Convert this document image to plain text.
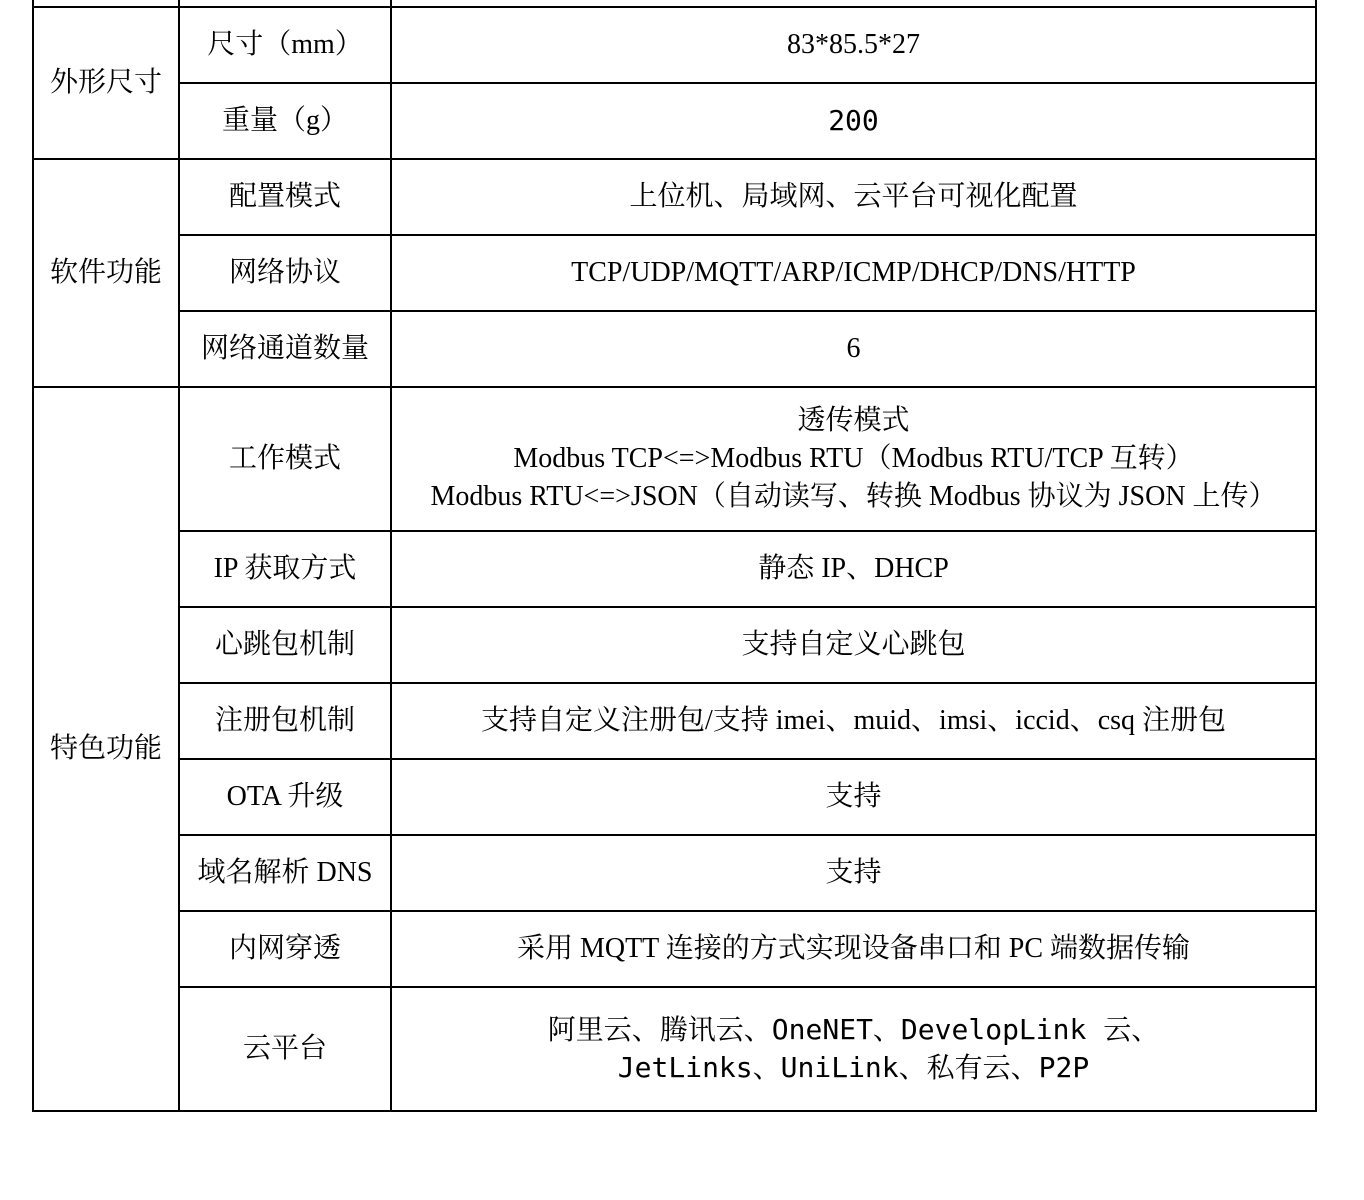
外形尺寸	尺寸（mm）	83*85.5*27
	重量（g）	200
软件功能	配置模式	上位机、局域网、云平台可视化配置
	网络协议	TCP/UDP/MQTT/ARP/ICMP/DHCP/DNS/HTTP
	网络通道数量	6
特色功能	工作模式	透传模式
Modbus TCP<=>Modbus RTU（Modbus RTU/TCP 互转）
Modbus RTU<=>JSON（自动读写、转换 Modbus 协议为 JSON 上传）

	IP 获取方式	静态 IP、DHCP
	心跳包机制	支持自定义心跳包
	注册包机制	支持自定义注册包/支持 imei、muid、imsi、iccid、csq 注册包
	OTA 升级	支持
	域名解析 DNS	支持
	内网穿透	采用 MQTT 连接的方式实现设备串口和 PC 端数据传输
	云平台	阿里云、腾讯云、OneNET、DevelopLink 云、
JetLinks、UniLink、私有云、P2P
